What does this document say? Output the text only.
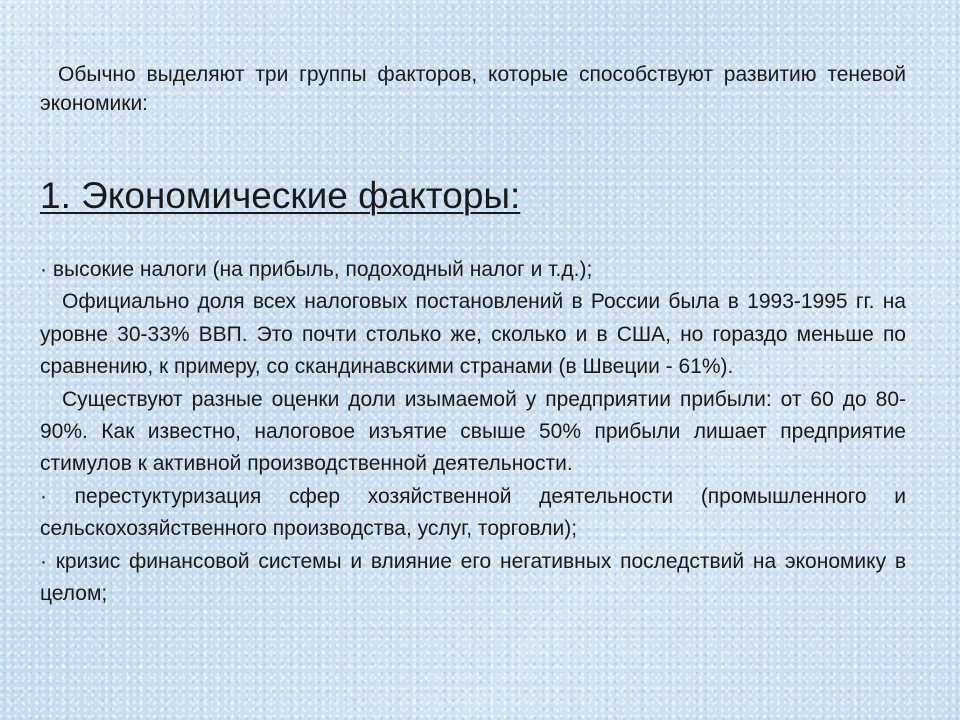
Обычно выделяют три группы факторов, которые способствуют развитию теневой экономики:

1. Экономические факторы:

· высокие налоги (на прибыль, подоходный налог и т.д.);

Официально доля всех налоговых постановлений в России была в 1993-1995 гг. на уровне 30-33% ВВП. Это почти столько же, сколько и в США, но гораздо меньше по сравнению, к примеру, со скандинавскими странами (в Швеции - 61%).

Существуют разные оценки доли изымаемой у предприятии прибыли: от 60 до 80-90%. Как известно, налоговое изъятие свыше 50% прибыли лишает предприятие стимулов к активной производственной деятельности.

· перестуктуризация сфер хозяйственной деятельности (промышленного и сельскохозяйственного производства, услуг, торговли);

· кризис финансовой системы и влияние его негативных последствий на экономику в целом;
